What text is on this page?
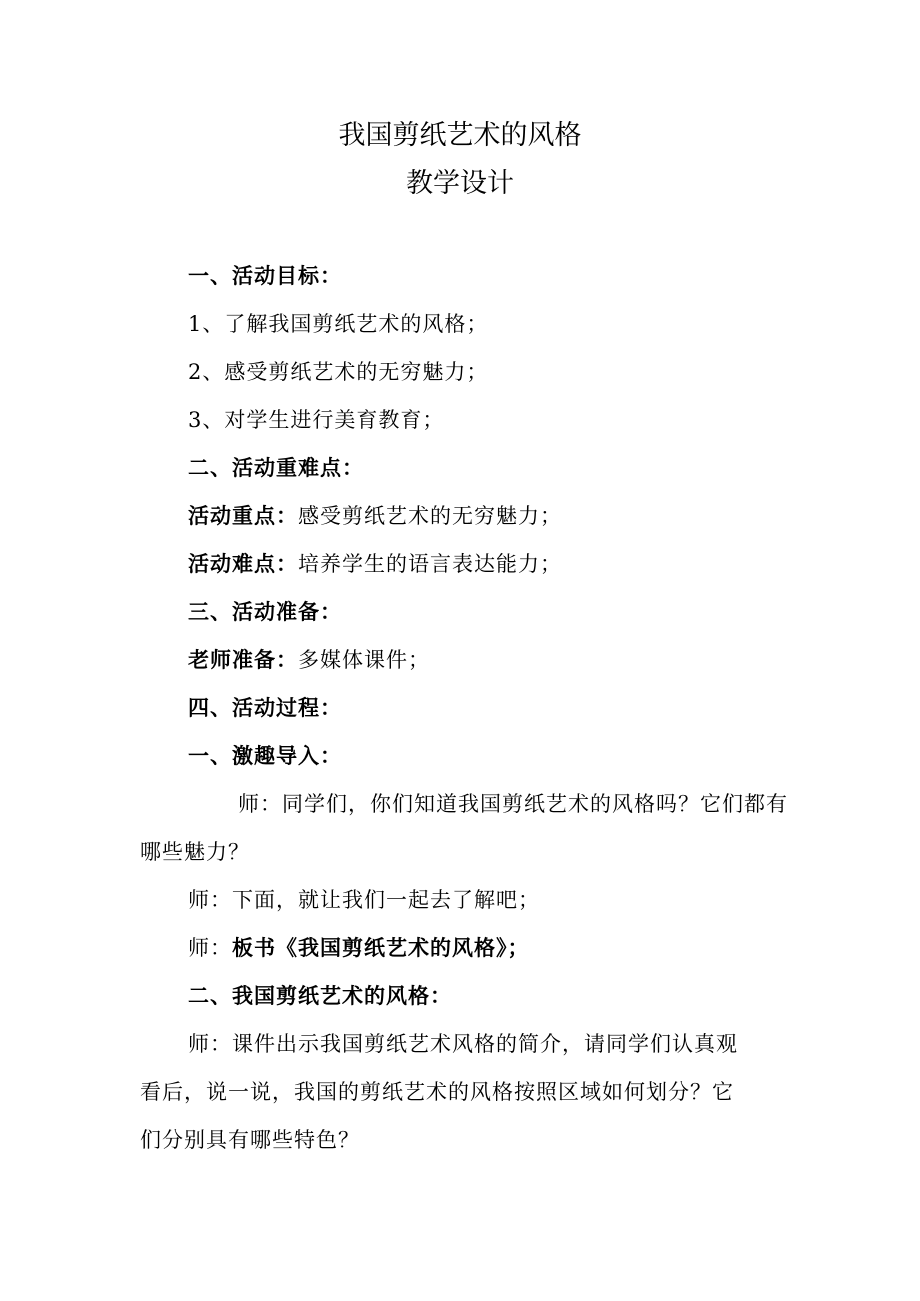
我国剪纸艺术的风格
教学设计
一、活动目标：
1、了解我国剪纸艺术的风格；
2、感受剪纸艺术的无穷魅力；
3、对学生进行美育教育；
二、活动重难点：
活动重点：感受剪纸艺术的无穷魅力；
活动难点：培养学生的语言表达能力；
三、活动准备：
老师准备：多媒体课件；
四、活动过程：
一、激趣导入：
师：同学们，你们知道我国剪纸艺术的风格吗？它们都有
哪些魅力？
师：下面，就让我们一起去了解吧；
师：板书《我国剪纸艺术的风格》；
二、我国剪纸艺术的风格：
师：课件出示我国剪纸艺术风格的简介，请同学们认真观
看后，说一说，我国的剪纸艺术的风格按照区域如何划分？它
们分别具有哪些特色？
